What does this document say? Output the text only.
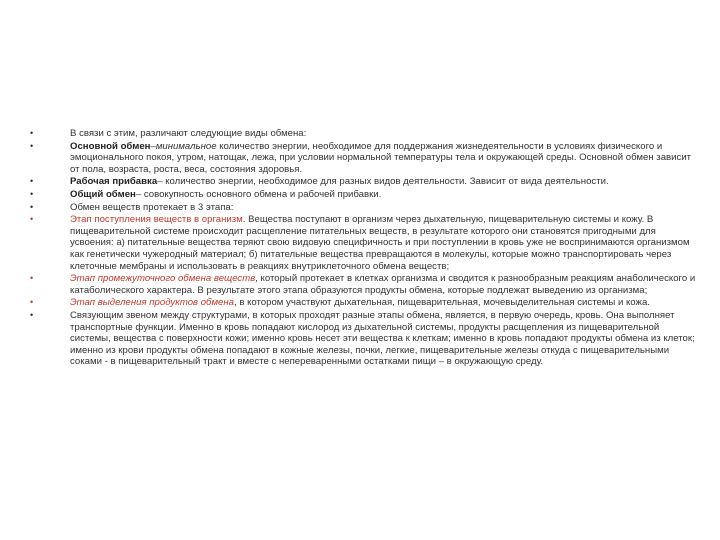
•	В связи с этим, различают следующие виды обмена:
•	Основной обмен–минимальное количество энергии, необходимое для поддержания жизнедеятельности в условиях физического и эмоционального покоя, утром, натощак, лежа, при условии нормальной температуры тела и окружающей среды. Основной обмен зависит от пола, возраста, роста, веса, состояния здоровья.
•	Рабочая прибавка– количество энергии, необходимое для разных видов деятельности. Зависит от вида деятельности.
•	Общий обмен– совокупность основного обмена и рабочей прибавки.
•	Обмен веществ протекает в 3 этапа:
•	Этап поступления веществ в организм. Вещества поступают в организм через дыхательную, пищеварительную системы и кожу. В пищеварительной системе происходит расщепление питательных веществ, в результате которого они становятся пригодными для усвоения: а) питательные вещества теряют свою видовую специфичность и при поступлении в кровь уже не воспринимаются организмом как генетически чужеродный материал; б) питательные вещества превращаются в молекулы, которые можно транспортировать через клеточные мембраны и использовать в реакциях внутриклеточного обмена веществ;
•	Этап промежуточного обмена веществ, который протекает в клетках организма и сводится к разнообразным реакциям анаболического и катаболического характера. В результате этого этапа образуются продукты обмена, которые подлежат выведению из организма;
•	Этап выделения продуктов обмена, в котором участвуют дыхательная, пищеварительная, мочевыделительная системы и кожа.
•	Связующим звеном между структурами, в которых проходят разные этапы обмена, является, в первую очередь, кровь. Она выполняет транспортные функции. Именно в кровь попадают кислород из дыхательной системы, продукты расщепления из пищеварительной системы, вещества с поверхности кожи; именно кровь несет эти вещества к клеткам; именно в кровь попадают продукты обмена из клеток; именно из крови продукты обмена попадают в кожные железы, почки, легкие, пищеварительные железы откуда с пищеварительными соками - в пищеварительный тракт и вместе с непереваренными остатками пищи – в окружающую среду.
